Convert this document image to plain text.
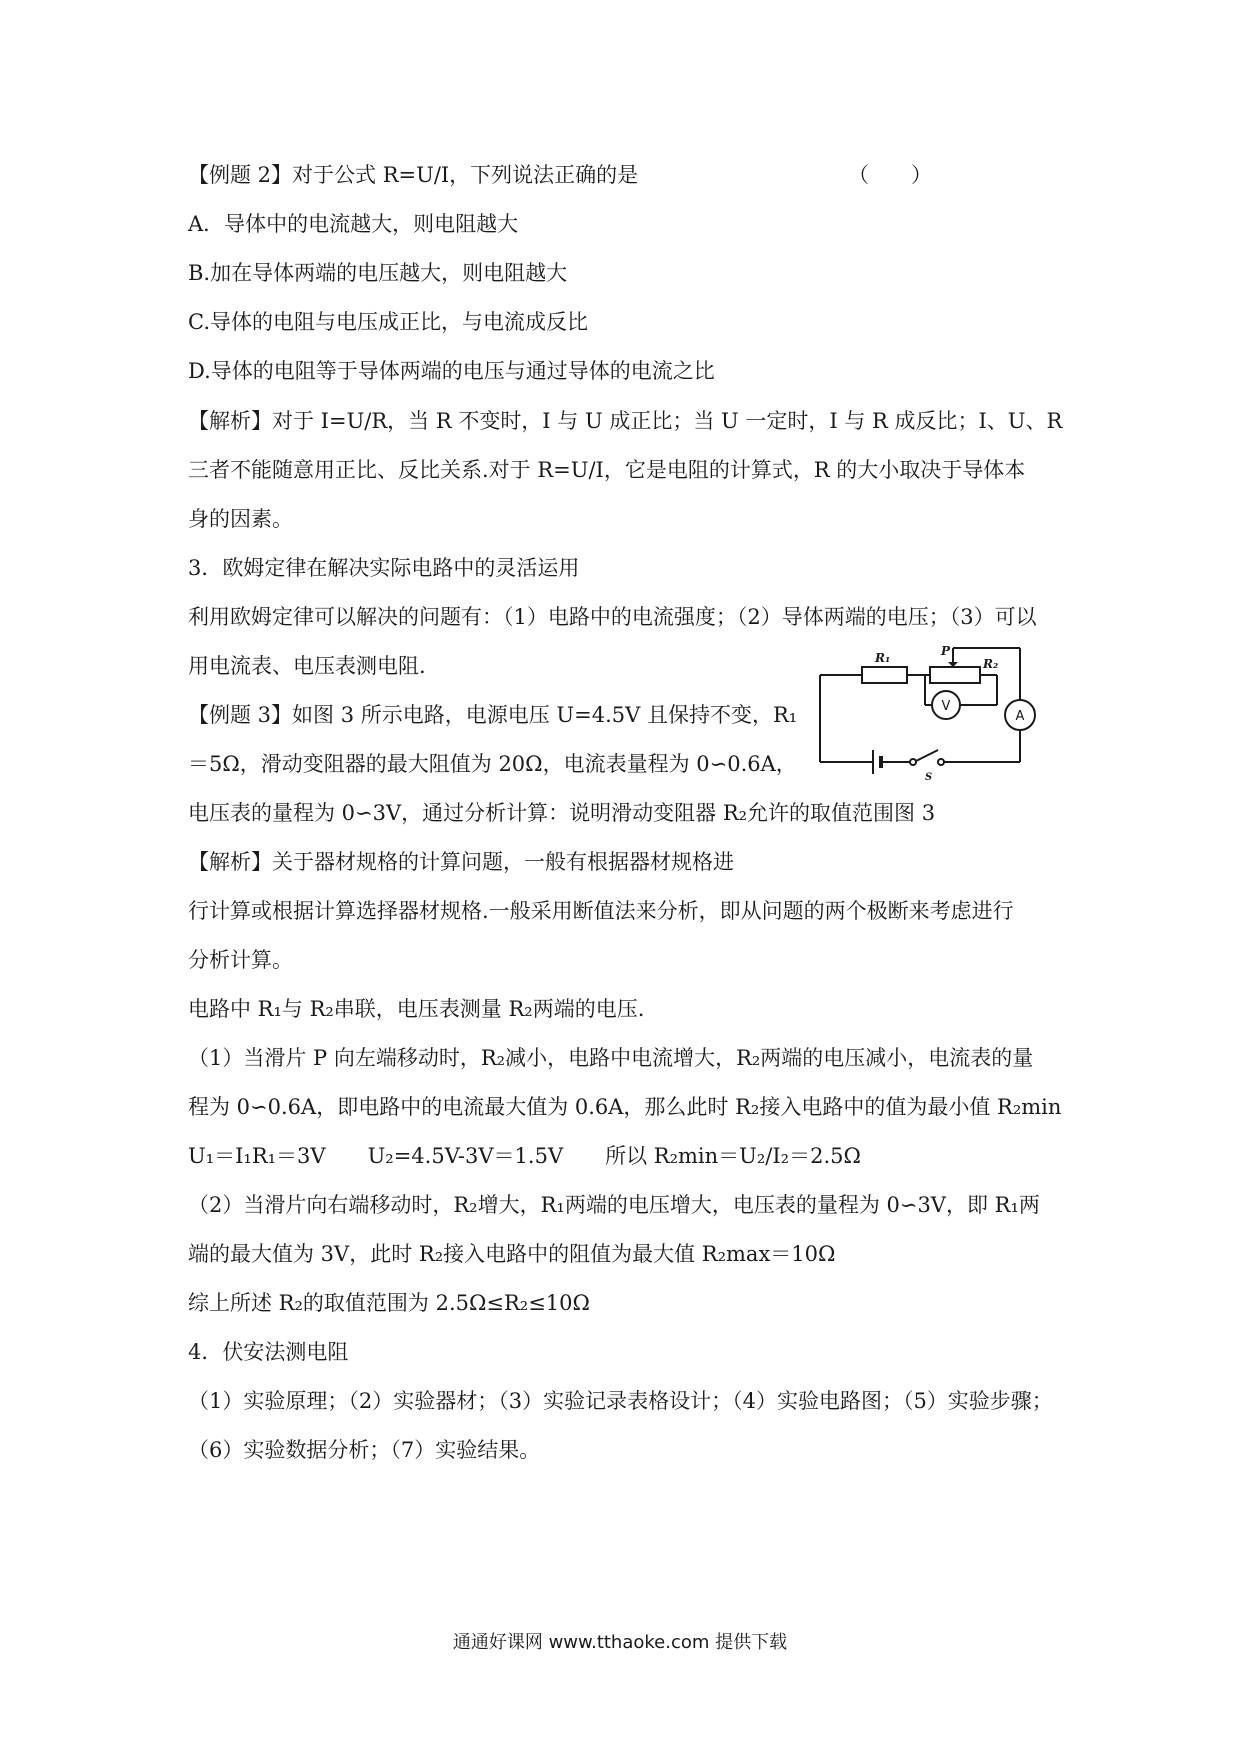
【例题 2】对于公式 R=U/I，下列说法正确的是	（　　）
A．导体中的电流越大，则电阻越大
B.加在导体两端的电压越大，则电阻越大
C.导体的电阻与电压成正比，与电流成反比
D.导体的电阻等于导体两端的电压与通过导体的电流之比
【解析】对于 I=U/R，当 R 不变时，I 与 U 成正比；当 U 一定时，I 与 R 成反比；I、U、R
三者不能随意用正比、反比关系.对于 R=U/I，它是电阻的计算式，R 的大小取决于导体本
身的因素。
3．欧姆定律在解决实际电路中的灵活运用
利用欧姆定律可以解决的问题有：（1）电路中的电流强度；（2）导体两端的电压；（3）可以
用电流表、电压表测电阻.
【例题 3】如图 3 所示电路，电源电压 U=4.5V 且保持不变，R₁
＝5Ω，滑动变阻器的最大阻值为 20Ω，电流表量程为 0∽0.6A，
电压表的量程为 0∽3V，通过分析计算：说明滑动变阻器 R₂允许的取值范围图 3
【解析】关于器材规格的计算问题，一般有根据器材规格进
行计算或根据计算选择器材规格.一般采用断值法来分析，即从问题的两个极断来考虑进行
分析计算。
电路中 R₁与 R₂串联，电压表测量 R₂两端的电压.
（1）当滑片 P 向左端移动时，R₂减小，电路中电流增大，R₂两端的电压减小，电流表的量
程为 0∽0.6A，即电路中的电流最大值为 0.6A，那么此时 R₂接入电路中的值为最小值 R₂min
U₁＝I₁R₁＝3V　　U₂=4.5V-3V＝1.5V　　所以 R₂min＝U₂/I₂＝2.5Ω
（2）当滑片向右端移动时，R₂增大，R₁两端的电压增大，电压表的量程为 0∽3V，即 R₁两
端的最大值为 3V，此时 R₂接入电路中的阻值为最大值 R₂max＝10Ω
综上所述 R₂的取值范围为 2.5Ω≤R₂≤10Ω
4．伏安法测电阻
（1）实验原理；（2）实验器材；（3）实验记录表格设计；（4）实验电路图；（5）实验步骤；
（6）实验数据分析；（7）实验结果。
R₁	R₂
P
S
V
A
通通好课网 www.tthaoke.com 提供下载
